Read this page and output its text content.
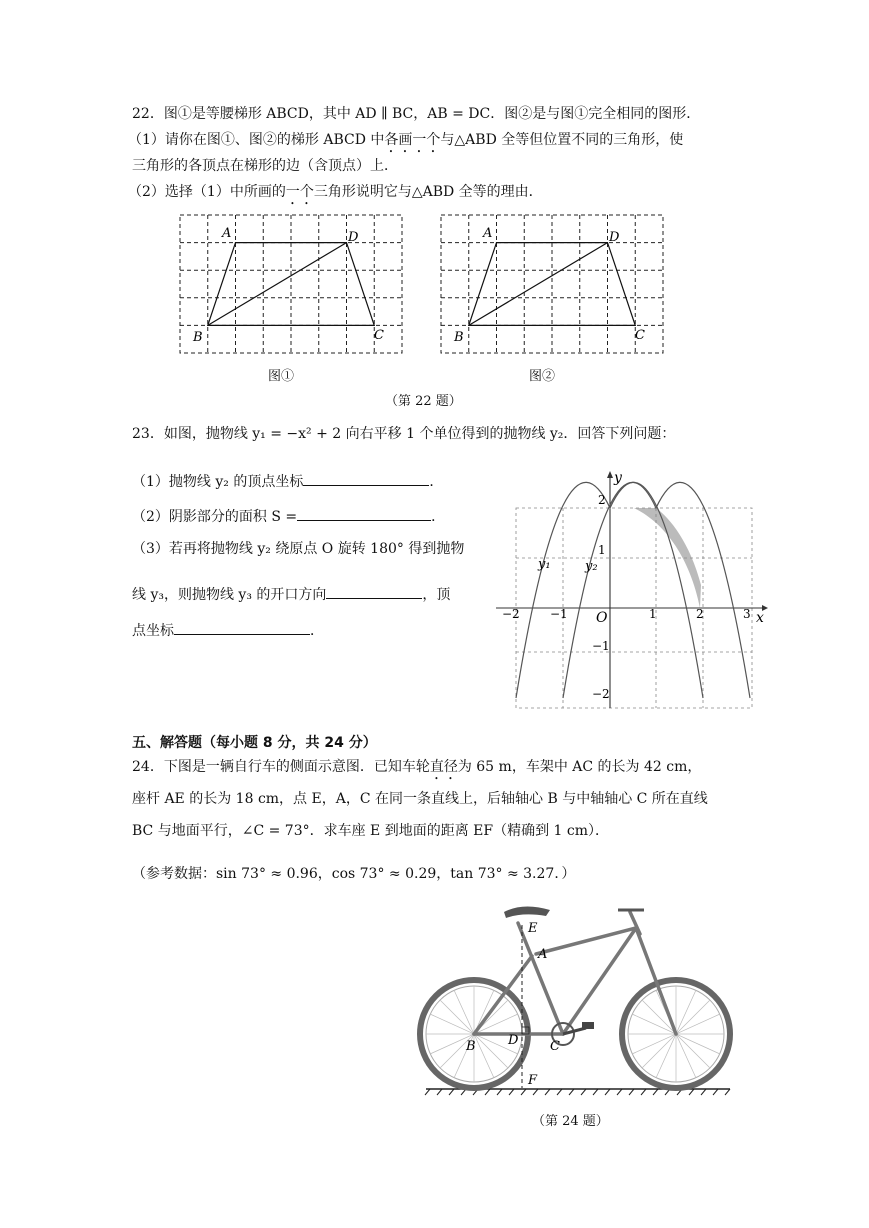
22．图①是等腰梯形 ABCD，其中 AD ∥ BC，AB = DC．图②是与图①完全相同的图形．
（1）请你在图①、图②的梯形 ABCD 中各画一个与△ABD 全等但位置不同的三角形，使
三角形的各顶点在梯形的边（含顶点）上．
（2）选择（1）中所画的一个三角形说明它与△ABD 全等的理由．
A	D
B	C
图①
A	D
B	C
图②
（第 22 题）
23．如图，抛物线 y₁ = −x² + 2 向右平移 1 个单位得到的抛物线 y₂．回答下列问题：
（1）抛物线 y₂ 的顶点坐标	．
（2）阴影部分的面积 S =	．
（3）若再将抛物线 y₂ 绕原点 O 旋转 180° 得到抛物
线 y₃，则抛物线 y₃ 的开口方向	，顶
点坐标	．
y
x
O
−2	−1	1	2	3
2
1
−1
−2
y₁	y₂
五、解答题（每小题 8 分，共 24 分）
24．下图是一辆自行车的侧面示意图．已知车轮直径为 65 m，车架中 AC 的长为 42 cm，
座杆 AE 的长为 18 cm，点 E，A，C 在同一条直线上，后轴轴心 B 与中轴轴心 C 所在直线
BC 与地面平行，∠C = 73°．求车座 E 到地面的距离 EF（精确到 1 cm）．
（参考数据：sin 73° ≈ 0.96，cos 73° ≈ 0.29，tan 73° ≈ 3.27．）
E
A
B D C
F
（第 24 题）
